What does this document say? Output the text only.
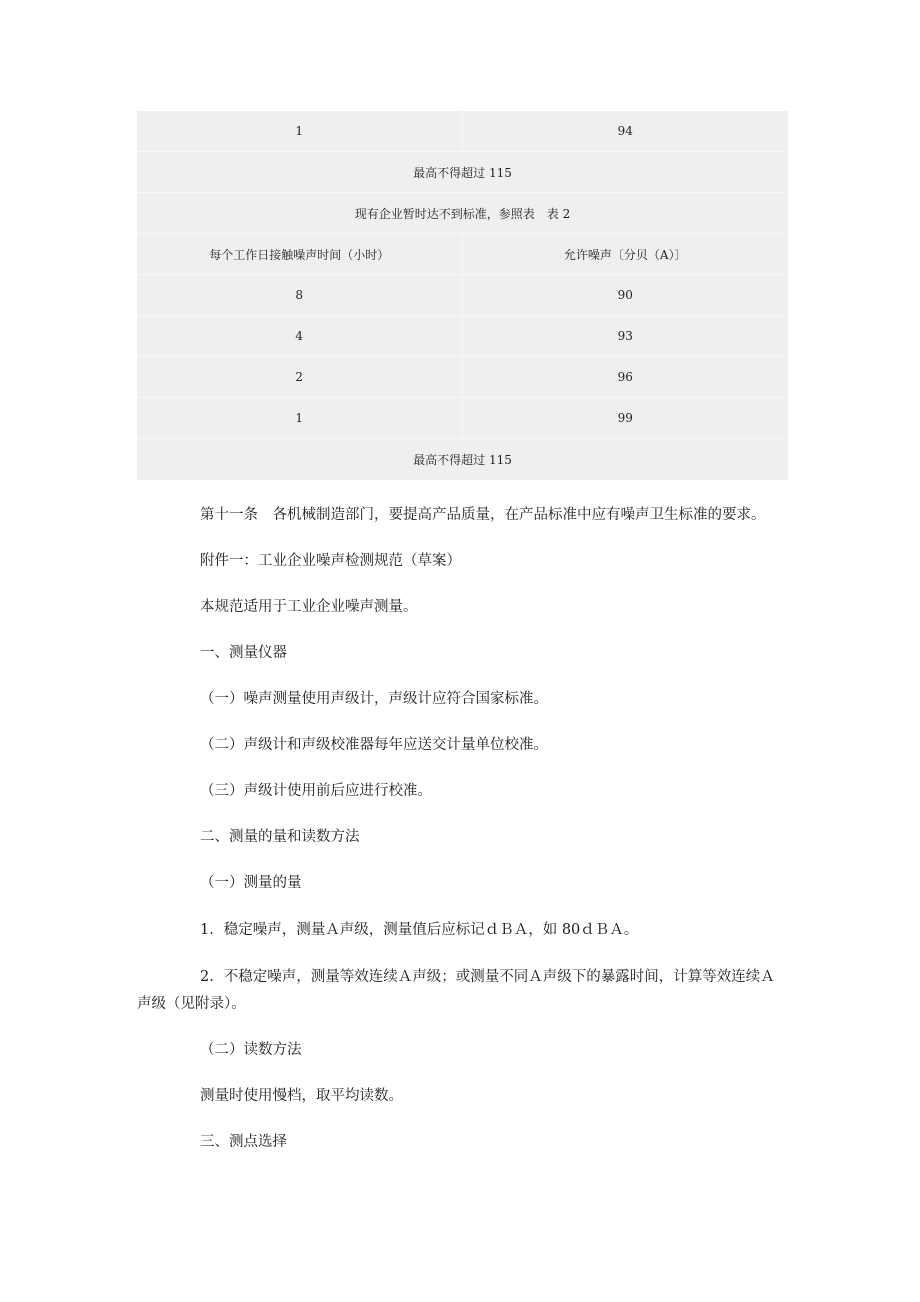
1	94
最高不得超过 115
现有企业暂时达不到标准，参照表　表 2
每个工作日接触噪声时间（小时）	允许噪声〔分贝（A）〕
8	90
4	93
2	96
1	99
最高不得超过 115

第十一条　各机械制造部门，要提高产品质量，在产品标准中应有噪声卫生标准的要求。

附件一：工业企业噪声检测规范（草案）

本规范适用于工业企业噪声测量。

一、测量仪器

（一）噪声测量使用声级计，声级计应符合国家标准。

（二）声级计和声级校准器每年应送交计量单位校准。

（三）声级计使用前后应进行校准。

二、测量的量和读数方法

（一）测量的量

1．稳定噪声，测量Ａ声级，测量值后应标记ｄＢＡ，如 80ｄＢＡ。

2．不稳定噪声，测量等效连续Ａ声级；或测量不同Ａ声级下的暴露时间，计算等效连续Ａ声级（见附录）。

（二）读数方法

测量时使用慢档，取平均读数。

三、测点选择
